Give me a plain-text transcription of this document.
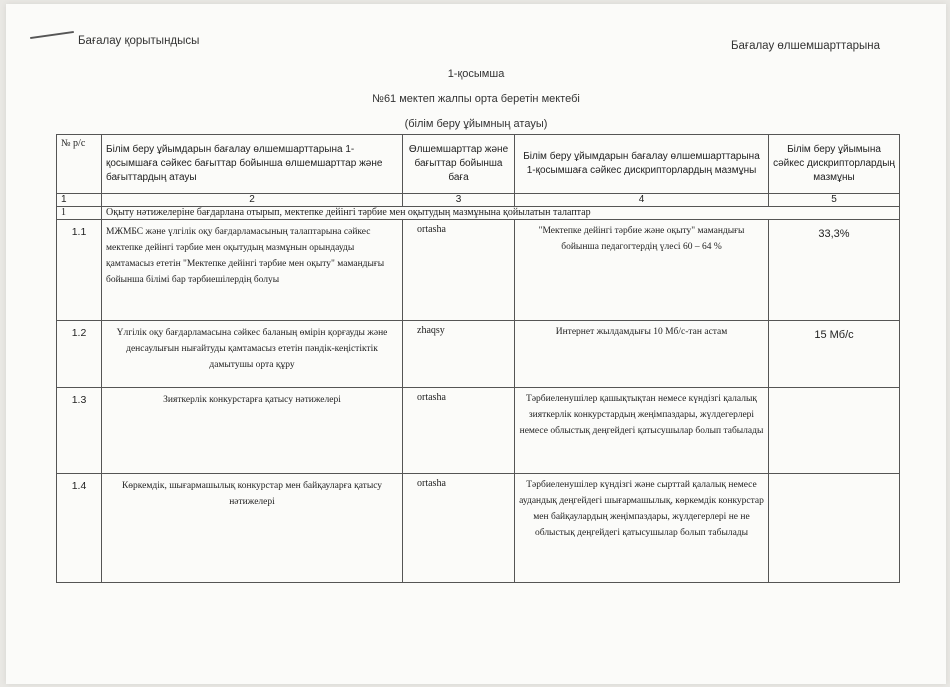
Бағалау қорытындысы	Бағалау өлшемшарттарына
1-қосымша
№61 мектеп жалпы орта беретін мектебі
(білім беру ұйымның атауы)
№ р/с	Білім беру ұйымдарын бағалау өлшемшарттарына 1-қосымшаға сәйкес бағыттар бойынша өлшемшарттар және бағыттардың атауы	Өлшемшарттар және бағыттар бойынша баға	Білім беру ұйымдарын бағалау өлшемшарттарына 1-қосымшаға сәйкес дискрипторлардың мазмұны	Білім беру ұйымына сәйкес дискрипторлардың мазмұны
1	2	3	4	5
1	Оқыту нәтижелеріне бағдарлана отырып, мектепке дейінгі тәрбие мен оқытудың мазмұнына қойылатын талаптар			
1.1	МЖМБС және үлгілік оқу бағдарламасының талаптарына сәйкес мектепке дейінгі тәрбие мен оқытудың мазмұнын орындауды қамтамасыз ететін "Мектепке дейінгі тәрбие мен оқыту" мамандығы бойынша білімі бар тәрбиешілердің болуы	ortasha	"Мектепке дейінгі тәрбие және оқыту" мамандығы бойынша педагогтердің үлесі 60 – 64 %	33,3%
1.2	Үлгілік оқу бағдарламасына сәйкес баланың өмірін қорғауды және денсаулығын нығайтуды қамтамасыз ететін пәндік-кеңістіктік дамытушы орта құру	zhaqsy	Интернет жылдамдығы 10 Мб/с-тан астам	15 Мб/с
1.3	Зияткерлік конкурстарға қатысу нәтижелері	ortasha	Тәрбиеленушілер қашықтықтан немесе күндізгі қалалық зияткерлік конкурстардың жеңімпаздары, жүлдегерлері немесе облыстық деңгейдегі қатысушылар болып табылады	
1.4	Көркемдік, шығармашылық конкурстар мен байқауларға қатысу нәтижелері	ortasha	Тәрбиеленушілер күндізгі және сырттай қалалық немесе аудандық деңгейдегі шығармашылық, көркемдік конкурстар мен байқаулардың жеңімпаздары, жүлдегерлері не не облыстық деңгейдегі қатысушылар болып табылады	
